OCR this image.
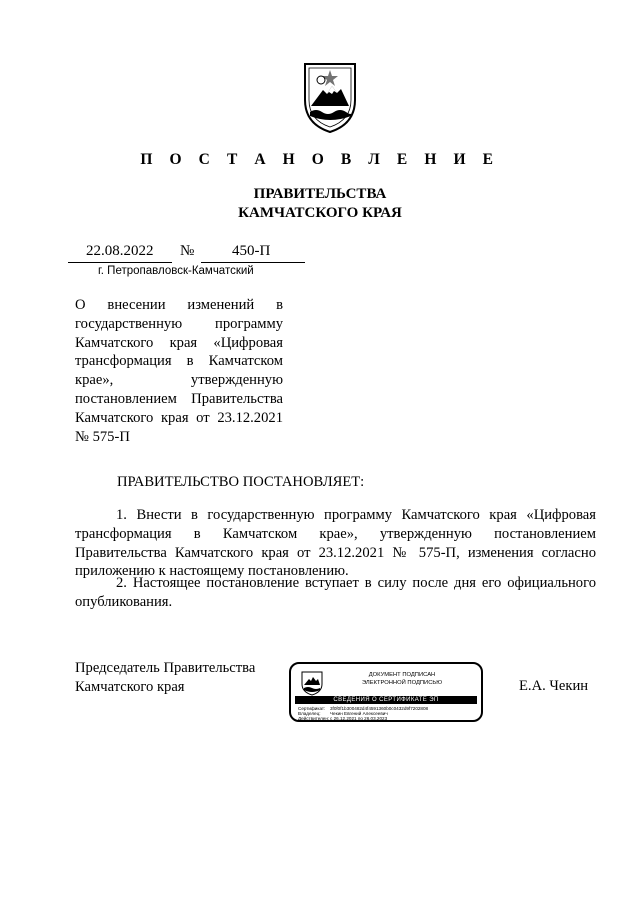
П О С Т А Н О В Л Е Н И Е
ПРАВИТЕЛЬСТВА
КАМЧАТСКОГО КРАЯ
22.08.2022 №	450-П
г. Петропавловск-Камчатский
О внесении изменений в государственную программу Камчатского края «Цифровая трансформация в Камчатском крае», утвержденную постановлением Правительства Камчатского края от 23.12.2021 № 575-П
ПРАВИТЕЛЬСТВО ПОСТАНОВЛЯЕТ:
1. Внести в государственную программу Камчатского края «Цифровая трансформация в Камчатском крае», утвержденную постановлением Правительства Камчатского края от 23.12.2021 № 575-П, изменения согласно приложению к настоящему постановлению.
2. Настоящее постановление вступает в силу после дня его официального опубликования.
Председатель Правительства
Камчатского края
ДОКУМЕНТ ПОДПИСАН
ЭЛЕКТРОННОЙ ПОДПИСЬЮ
СВЕДЕНИЯ О СЕРТИФИКАТЕ ЭП
Сертификат: 3f0f0f1b300482d4f4591360b0c0432d9f7202808
Владелец: Чекин Евгений Алексеевич
Действителен:с 26.12.2021 по 26.03.2023
Е.А. Чекин
